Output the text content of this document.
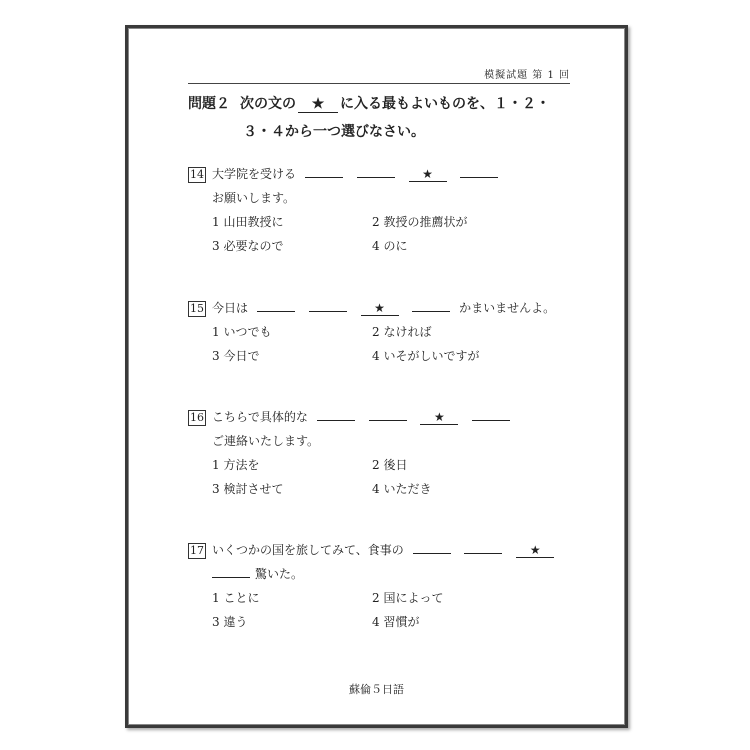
模擬試題 第 1 回
問題２ 次の文の ★ に入る最もよいものを、１・２・
３・４から一つ選びなさい。
14 大学院を受ける	★
お願いします。
1 山田教授に	2 教授の推薦状が
3 必要なので	4 のに
15 今日は	★	かまいませんよ。
1 いつでも	2 なければ
3 今日で	4 いそがしいですが
16 こちらで具体的な	★
ご連絡いたします。
1 方法を	2 後日
3 検討させて	4 いただき
17 いくつかの国を旅してみて、食事の	★
驚いた。
1 ことに	2 国によって
3 違う	4 習慣が
蘇倫５日語
